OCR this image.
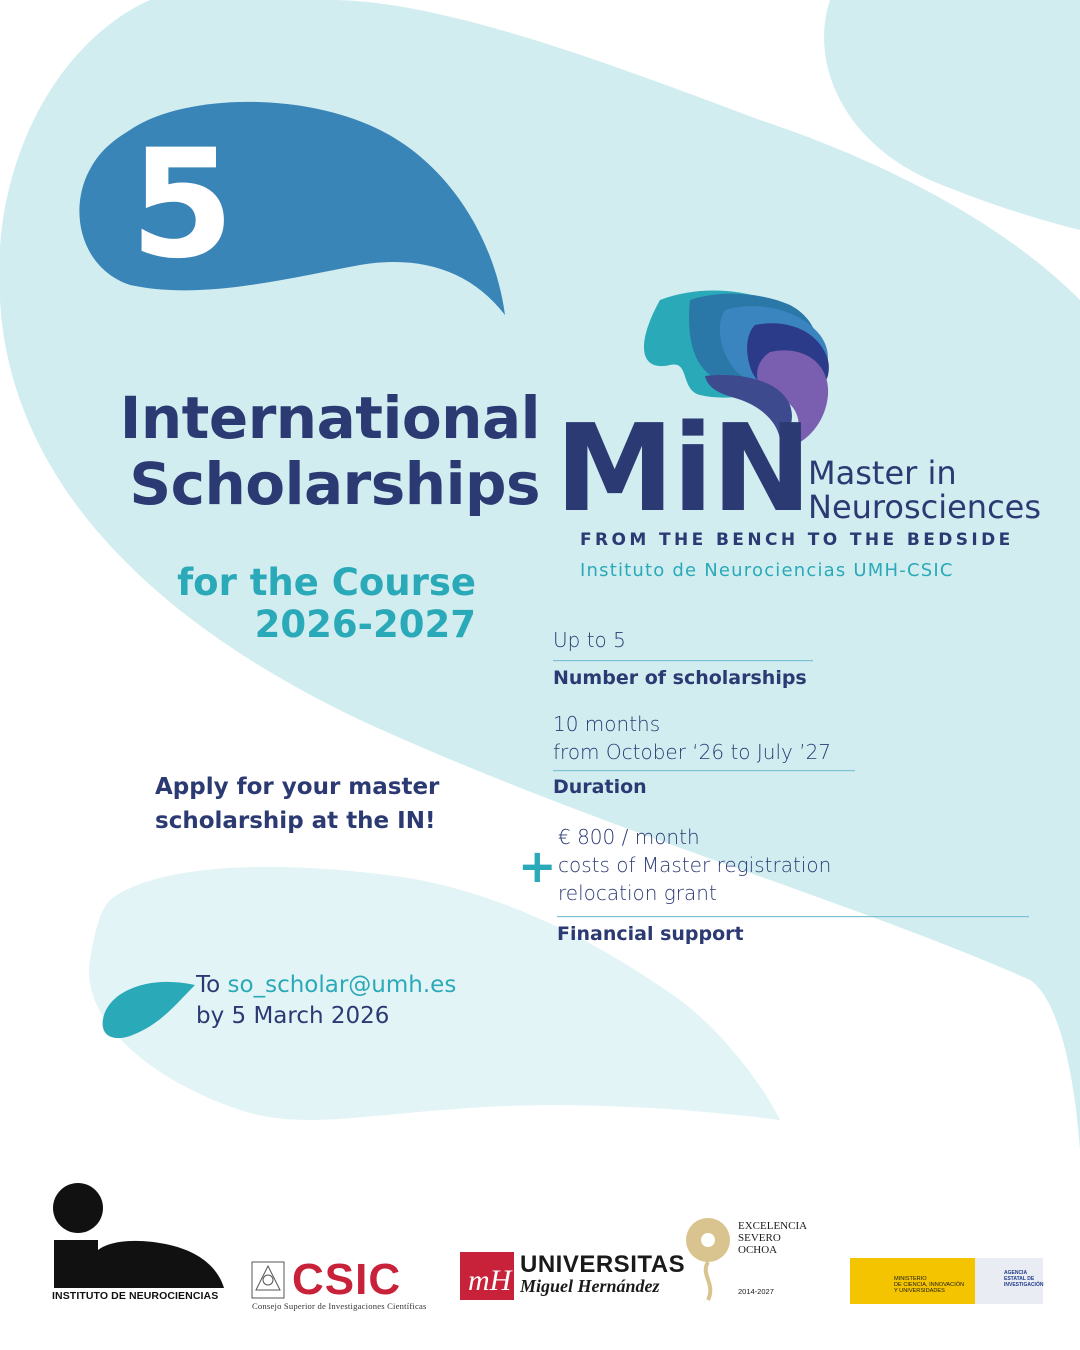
mH
5
International
Scholarships
for the Course
2026-2027
MiN
Master in
Neurosciences
FROM THE BENCH TO THE BEDSIDE
Instituto de Neurociencias UMH-CSIC
Up to 5
Number of scholarships
10 months
from October ‘26 to July ’27
Duration
+
€ 800 / month
costs of Master registration
relocation grant
Financial support
Apply for your master
scholarship at the IN!
To so_scholar@umh.es
by 5 March 2026
INSTITUTO DE NEUROCIENCIAS CSIC
Consejo Superior de Investigaciones Científicas
UNIVERSITAS
Miguel Hernández
EXCELENCIA
SEVERO
OCHOA
2014-2027
MINISTERIO
DE CIENCIA, INNOVACIÓN
Y UNIVERSIDADES
AGENCIA
ESTATAL DE
INVESTIGACIÓN
